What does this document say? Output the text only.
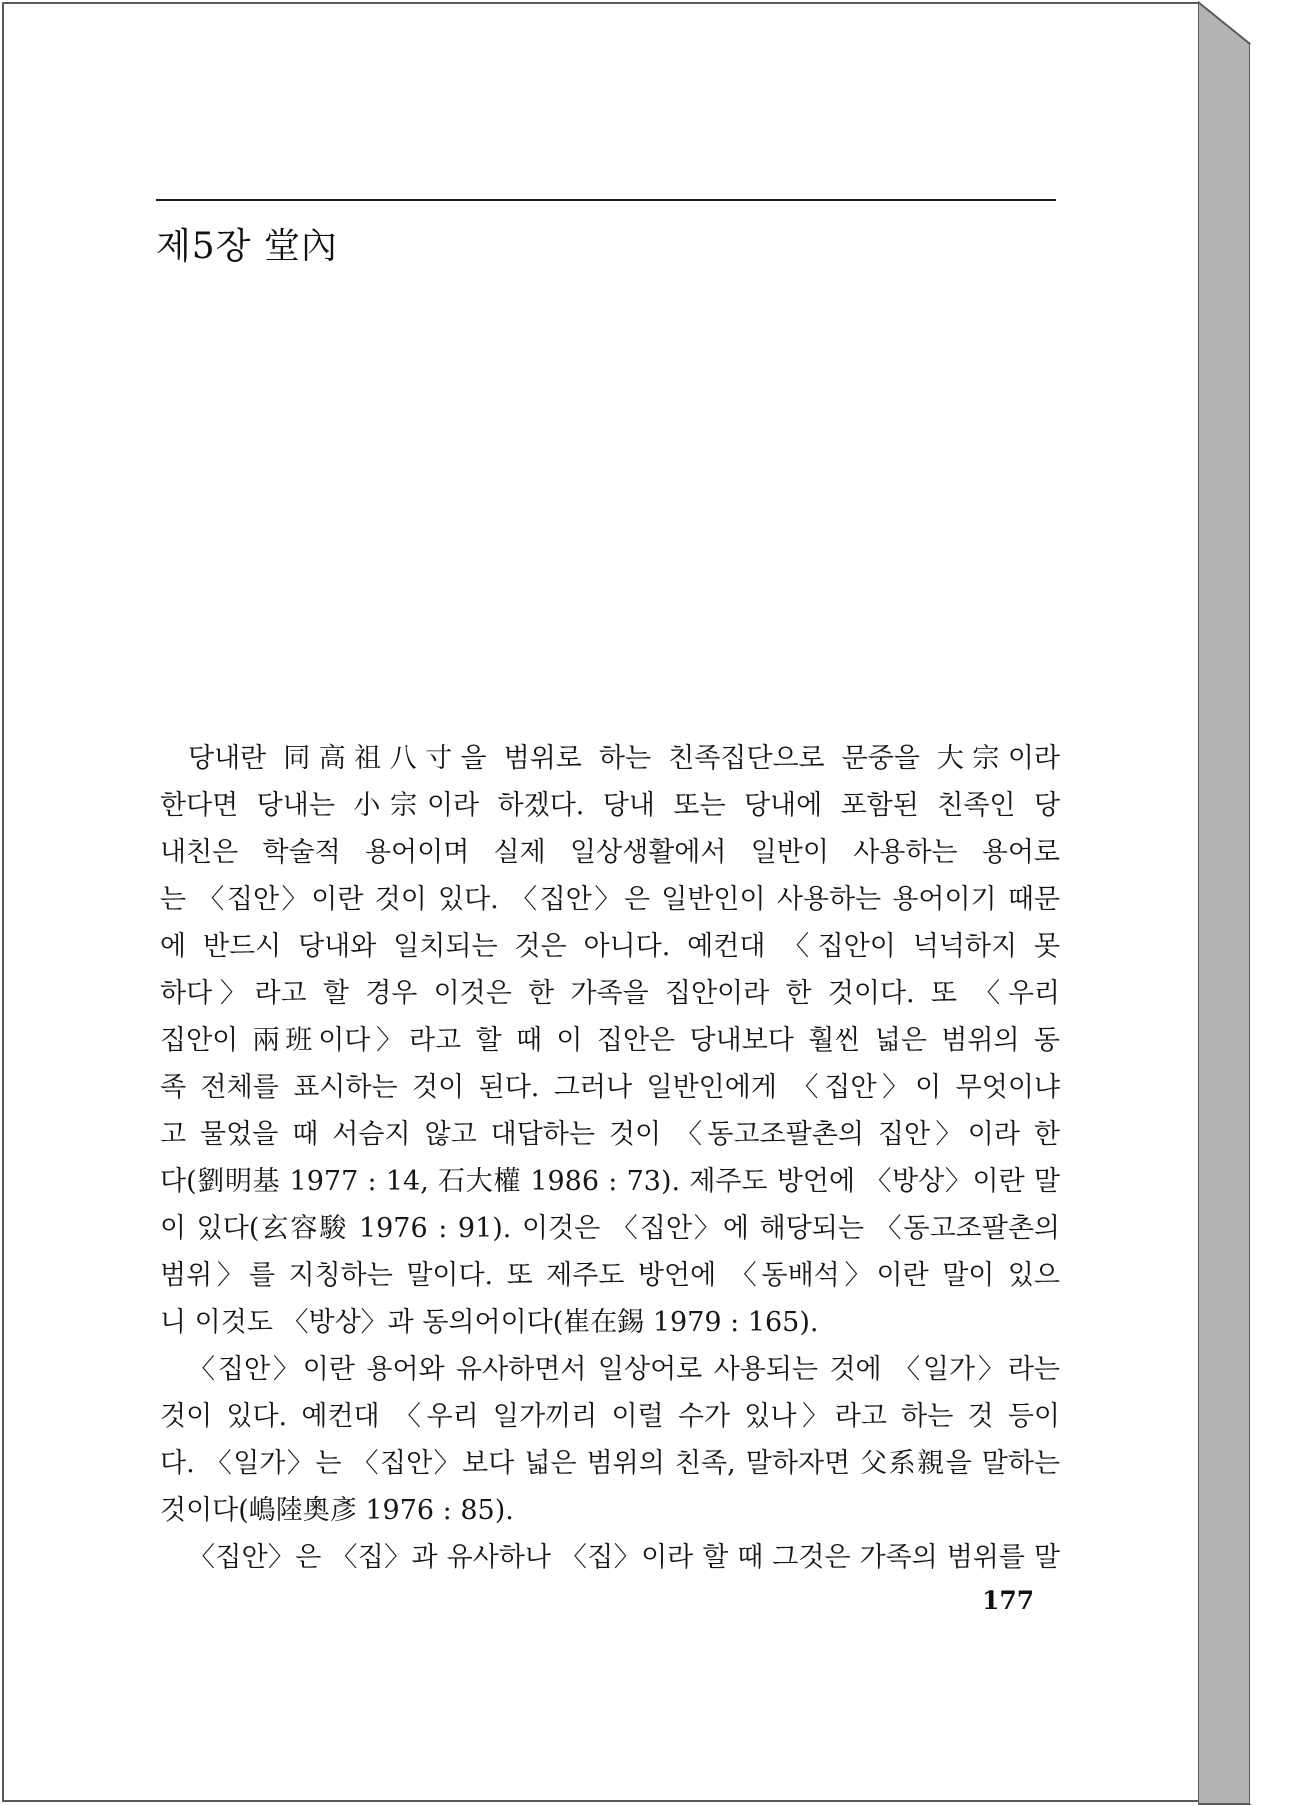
제5장 堂內
당내란 同高祖八寸을 범위로 하는 친족집단으로 문중을 大宗이라
한다면 당내는 小宗이라 하겠다. 당내 또는 당내에 포함된 친족인 당
내친은 학술적 용어이며 실제 일상생활에서 일반이 사용하는 용어로
는 〈집안〉이란 것이 있다. 〈집안〉은 일반인이 사용하는 용어이기 때문
에 반드시 당내와 일치되는 것은 아니다. 예컨대 〈집안이 넉넉하지 못
하다〉라고 할 경우 이것은 한 가족을 집안이라 한 것이다. 또 〈우리
집안이 兩班이다〉라고 할 때 이 집안은 당내보다 훨씬 넓은 범위의 동
족 전체를 표시하는 것이 된다. 그러나 일반인에게 〈집안〉이 무엇이냐
고 물었을 때 서슴지 않고 대답하는 것이 〈동고조팔촌의 집안〉이라 한
다(劉明基 1977 : 14, 石大權 1986 : 73). 제주도 방언에 〈방상〉이란 말
이 있다(玄容駿 1976 : 91). 이것은 〈집안〉에 해당되는 〈동고조팔촌의
범위〉를 지칭하는 말이다. 또 제주도 방언에 〈동배석〉이란 말이 있으
니 이것도 〈방상〉과 동의어이다(崔在錫 1979 : 165).
〈집안〉이란 용어와 유사하면서 일상어로 사용되는 것에 〈일가〉라는
것이 있다. 예컨대 〈우리 일가끼리 이럴 수가 있나〉라고 하는 것 등이
다. 〈일가〉는 〈집안〉보다 넓은 범위의 친족, 말하자면 父系親을 말하는
것이다(嶋陸奧彥 1976 : 85).
〈집안〉은 〈집〉과 유사하나 〈집〉이라 할 때 그것은 가족의 범위를 말
177
